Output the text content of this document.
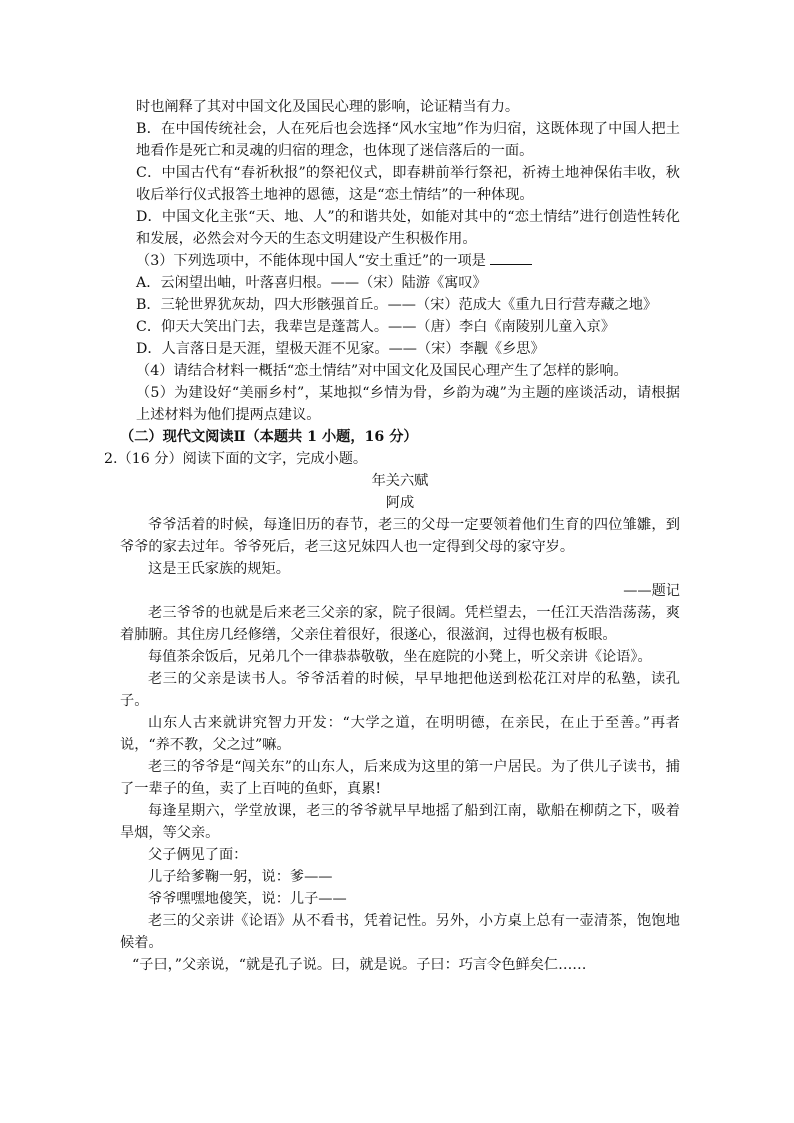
时也阐释了其对中国文化及国民心理的影响，论证精当有力。

B．在中国传统社会，人在死后也会选择“风水宝地”作为归宿，这既体现了中国人把土地看作是死亡和灵魂的归宿的理念，也体现了迷信落后的一面。

C．中国古代有“春祈秋报”的祭祀仪式，即春耕前举行祭祀，祈祷土地神保佑丰收，秋收后举行仪式报答土地神的恩德，这是“恋土情结”的一种体现。

D．中国文化主张“天、地、人”的和谐共处，如能对其中的“恋土情结”进行创造性转化和发展，必然会对今天的生态文明建设产生积极作用。

（3）下列选项中，不能体现中国人“安土重迁”的一项是

A．云闲望出岫，叶落喜归根。——（宋）陆游《寓叹》

B．三轮世界犹灰劫，四大形骸强首丘。——（宋）范成大《重九日行营寿藏之地》

C．仰天大笑出门去，我辈岂是蓬蒿人。——（唐）李白《南陵别儿童入京》

D．人言落日是天涯，望极天涯不见家。——（宋）李觏《乡思》

（4）请结合材料一概括“恋土情结”对中国文化及国民心理产生了怎样的影响。

（5）为建设好“美丽乡村”，某地拟“乡情为骨，乡韵为魂”为主题的座谈活动，请根据上述材料为他们提两点建议。

（二）现代文阅读Ⅱ（本题共 1 小题，16 分）

2.（16 分）阅读下面的文字，完成小题。

年关六赋

阿成

爷爷活着的时候，每逢旧历的春节，老三的父母一定要领着他们生育的四位雏雛，到爷爷的家去过年。爷爷死后，老三这兄妹四人也一定得到父母的家守岁。

这是王氏家族的规矩。

——题记

老三爷爷的也就是后来老三父亲的家，院子很阔。凭栏望去，一任江天浩浩荡荡，爽着肺腑。其住房几经修缮，父亲住着很好，很遂心，很滋润，过得也极有板眼。

每值茶余饭后，兄弟几个一律恭恭敬敬，坐在庭院的小凳上，听父亲讲《论语》。

老三的父亲是读书人。爷爷活着的时候，早早地把他送到松花江对岸的私塾，读孔子。

山东人古来就讲究智力开发：“大学之道，在明明德，在亲民，在止于至善。”再者说，“养不教，父之过”嘛。

老三的爷爷是“闯关东”的山东人，后来成为这里的第一户居民。为了供儿子读书，捕了一辈子的鱼，卖了上百吨的鱼虾，真累!

每逢星期六，学堂放课，老三的爷爷就早早地摇了船到江南，歇船在柳荫之下，吸着旱烟，等父亲。

父子俩见了面：

儿子给爹鞠一躬，说：爹——

爷爷嘿嘿地傻笑，说：儿子——

老三的父亲讲《论语》从不看书，凭着记性。另外，小方桌上总有一壶清茶，饱饱地候着。

“子曰，”父亲说，“就是孔子说。曰，就是说。子曰：巧言令色鲜矣仁……
